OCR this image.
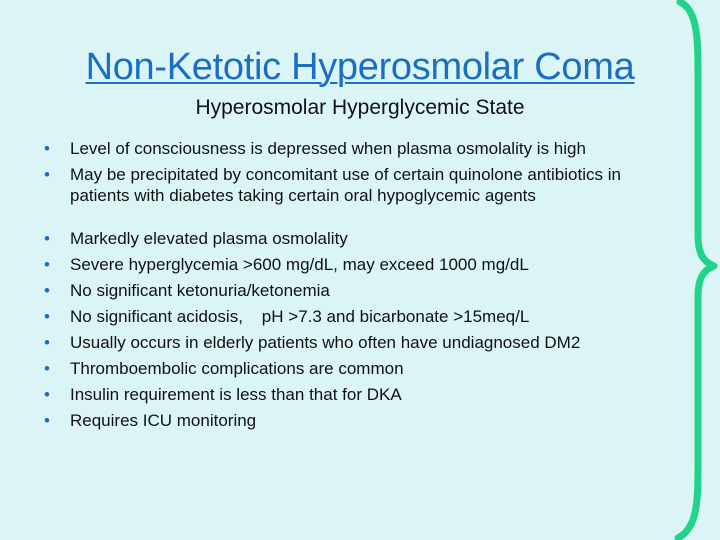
Non-Ketotic Hyperosmolar Coma
Hyperosmolar Hyperglycemic State
• Level of consciousness is depressed when plasma osmolality is high
• May be precipitated by concomitant use of certain quinolone antibiotics in patients with diabetes taking certain oral hypoglycemic agents
• Markedly elevated plasma osmolality
• Severe hyperglycemia >600 mg/dL, may exceed 1000 mg/dL
• No significant ketonuria/ketonemia
• No significant acidosis,    pH >7.3 and bicarbonate >15meq/L
• Usually occurs in elderly patients who often have undiagnosed DM2
• Thromboembolic complications are common
• Insulin requirement is less than that for DKA
• Requires ICU monitoring
